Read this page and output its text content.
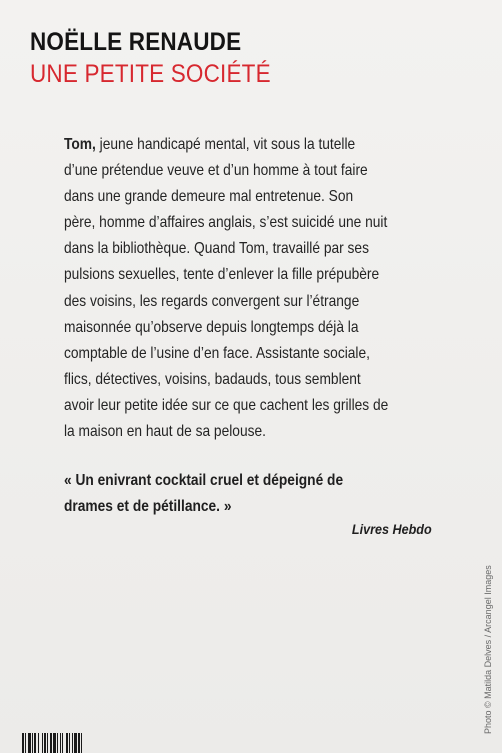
NOËLLE RENAUDE
UNE PETITE SOCIÉTÉ
Tom, jeune handicapé mental, vit sous la tutelle
d’une prétendue veuve et d’un homme à tout faire
dans une grande demeure mal entretenue. Son
père, homme d’affaires anglais, s’est suicidé une nuit
dans la bibliothèque. Quand Tom, travaillé par ses
pulsions sexuelles, tente d’enlever la fille prépubère
des voisins, les regards convergent sur l’étrange
maisonnée qu’observe depuis longtemps déjà la
comptable de l’usine d’en face. Assistante sociale,
flics, détectives, voisins, badauds, tous semblent
avoir leur petite idée sur ce que cachent les grilles de
la maison en haut de sa pelouse.
« Un enivrant cocktail cruel et dépeigné de
drames et de pétillance. »
Livres Hebdo
Photo © Matilda Delves / Arcangel Images
